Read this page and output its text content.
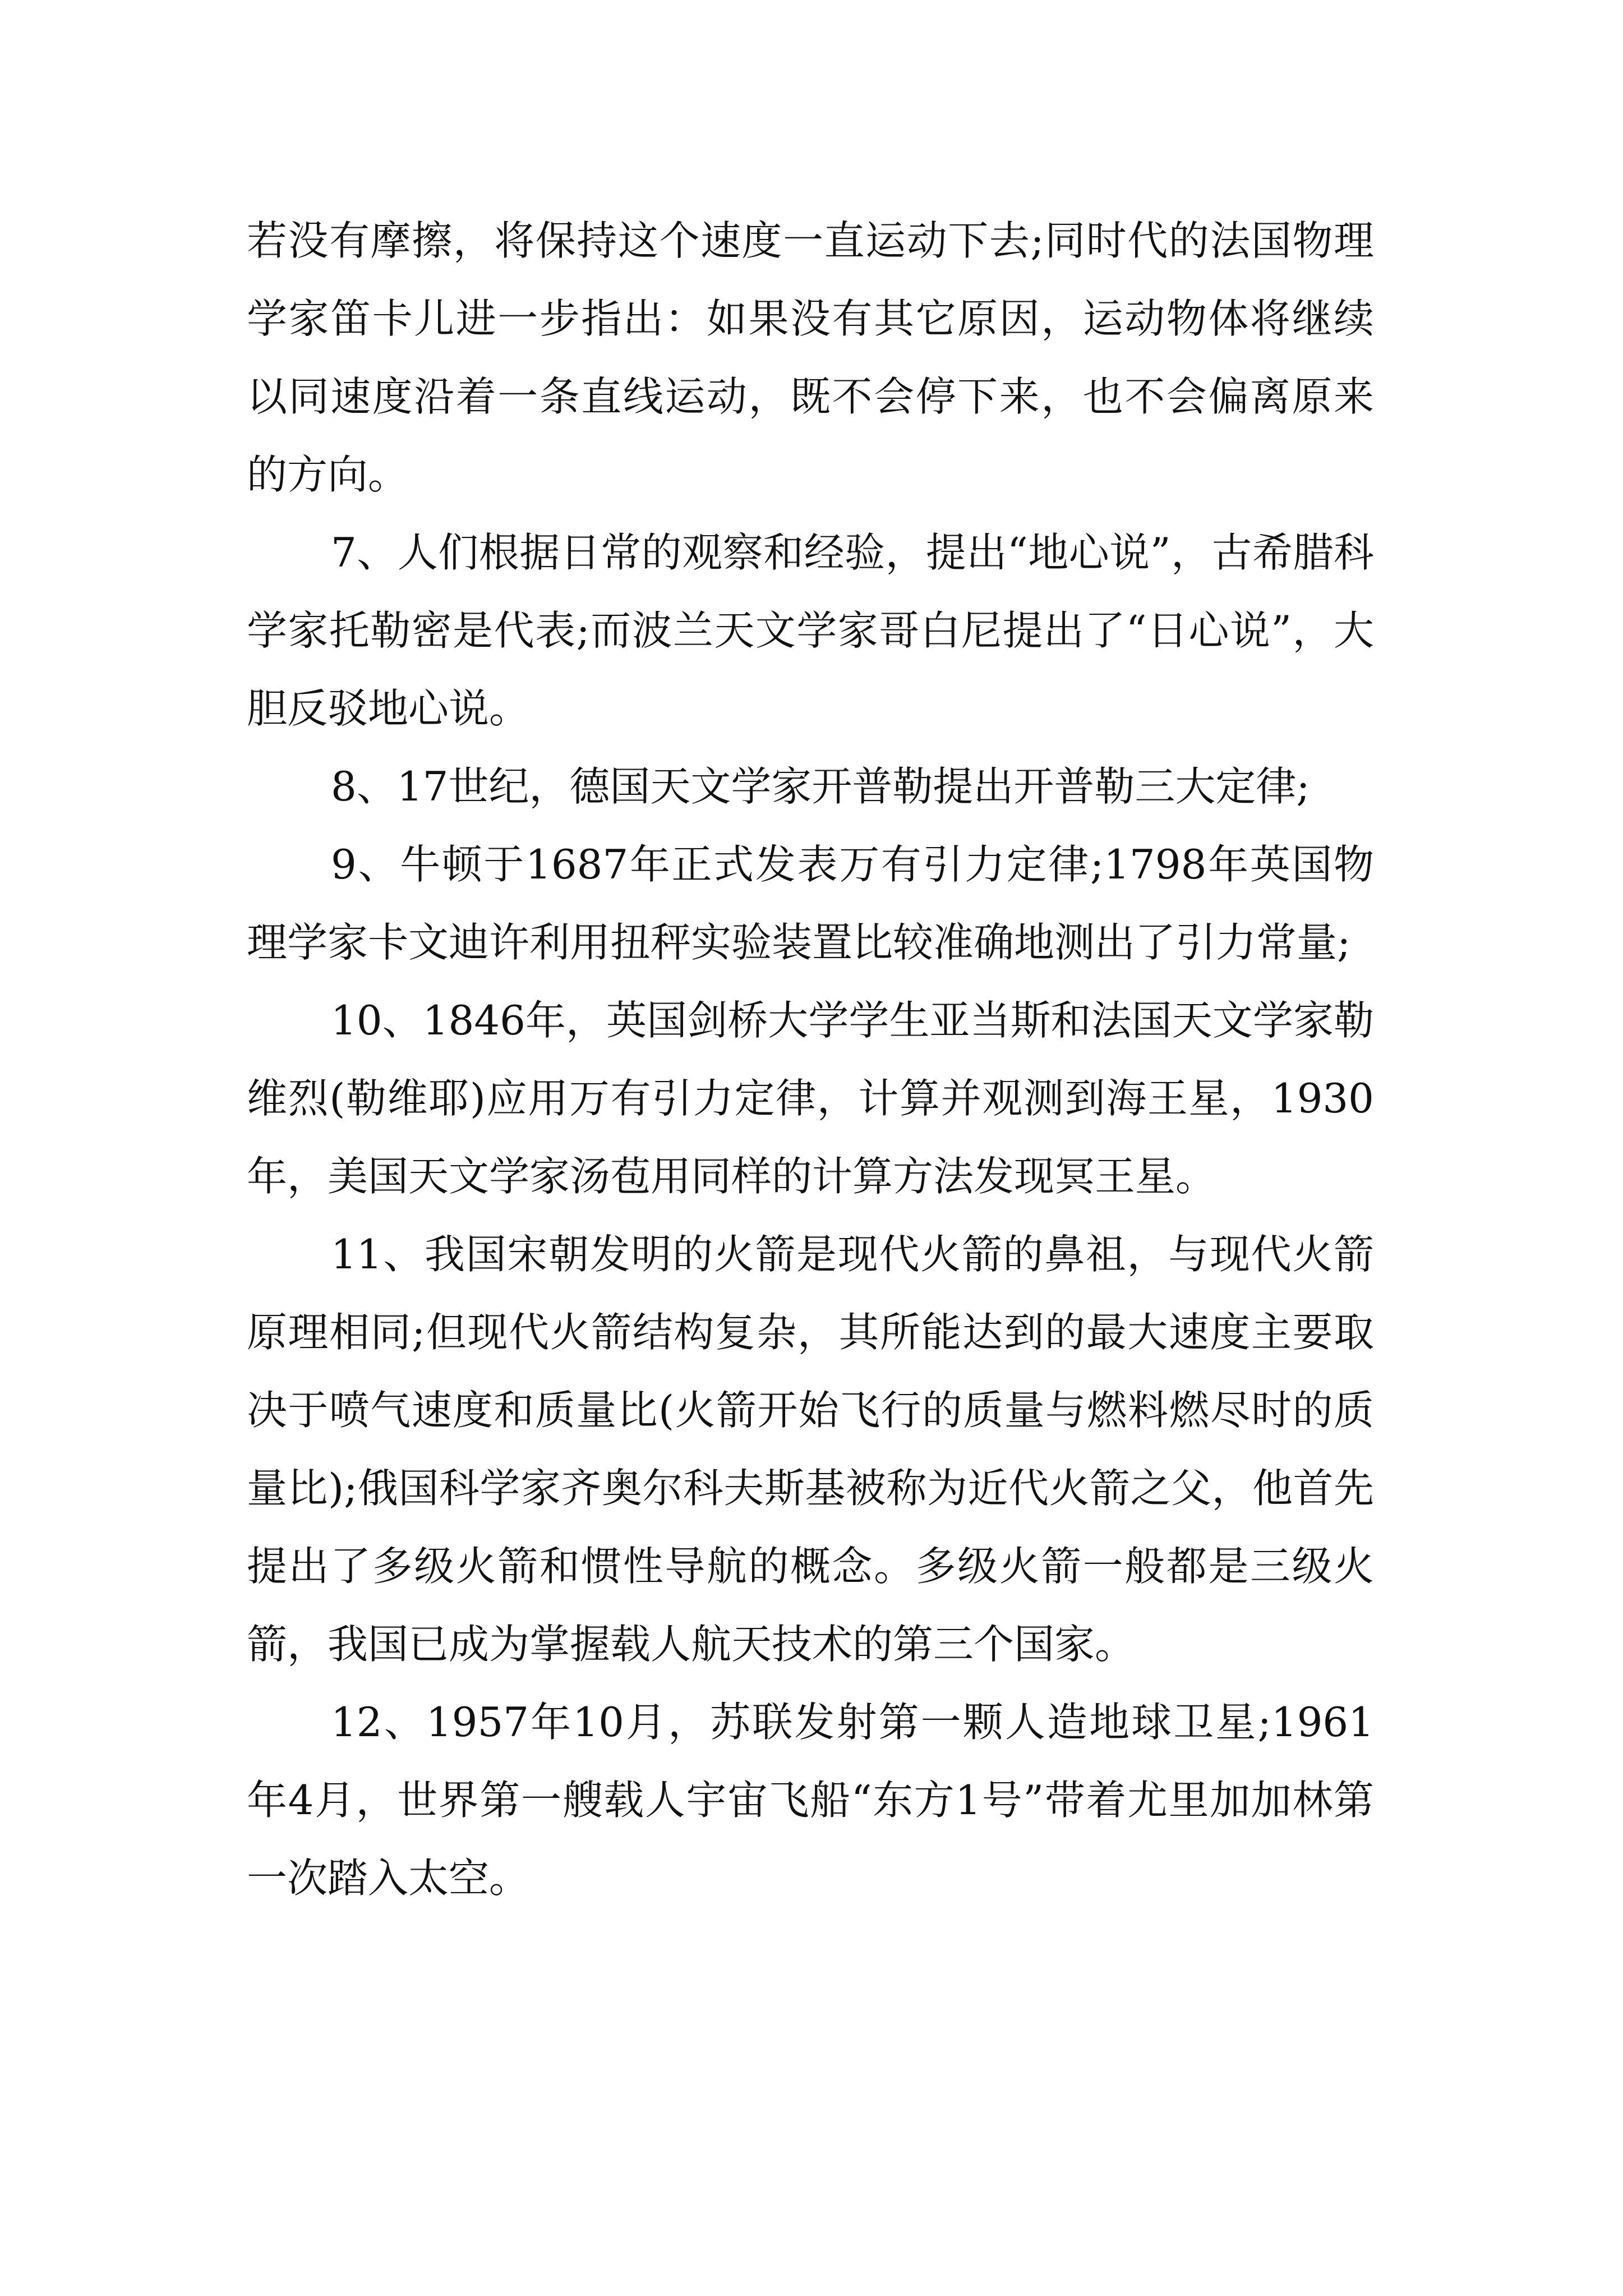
若没有摩擦，将保持这个速度一直运动下去;同时代的法国物理学家笛卡儿进一步指出：如果没有其它原因，运动物体将继续以同速度沿着一条直线运动，既不会停下来，也不会偏离原来的方向。

7、人们根据日常的观察和经验，提出“地心说”，古希腊科学家托勒密是代表;而波兰天文学家哥白尼提出了“日心说”，大胆反驳地心说。

8、17世纪，德国天文学家开普勒提出开普勒三大定律;

9、牛顿于1687年正式发表万有引力定律;1798年英国物理学家卡文迪许利用扭秤实验装置比较准确地测出了引力常量;

10、1846年，英国剑桥大学学生亚当斯和法国天文学家勒维烈(勒维耶)应用万有引力定律，计算并观测到海王星，1930年，美国天文学家汤苞用同样的计算方法发现冥王星。

11、我国宋朝发明的火箭是现代火箭的鼻祖，与现代火箭原理相同;但现代火箭结构复杂，其所能达到的最大速度主要取决于喷气速度和质量比(火箭开始飞行的质量与燃料燃尽时的质量比);俄国科学家齐奥尔科夫斯基被称为近代火箭之父，他首先提出了多级火箭和惯性导航的概念。多级火箭一般都是三级火箭，我国已成为掌握载人航天技术的第三个国家。

12、1957年10月，苏联发射第一颗人造地球卫星;1961年4月，世界第一艘载人宇宙飞船“东方1号”带着尤里加加林第一次踏入太空。
